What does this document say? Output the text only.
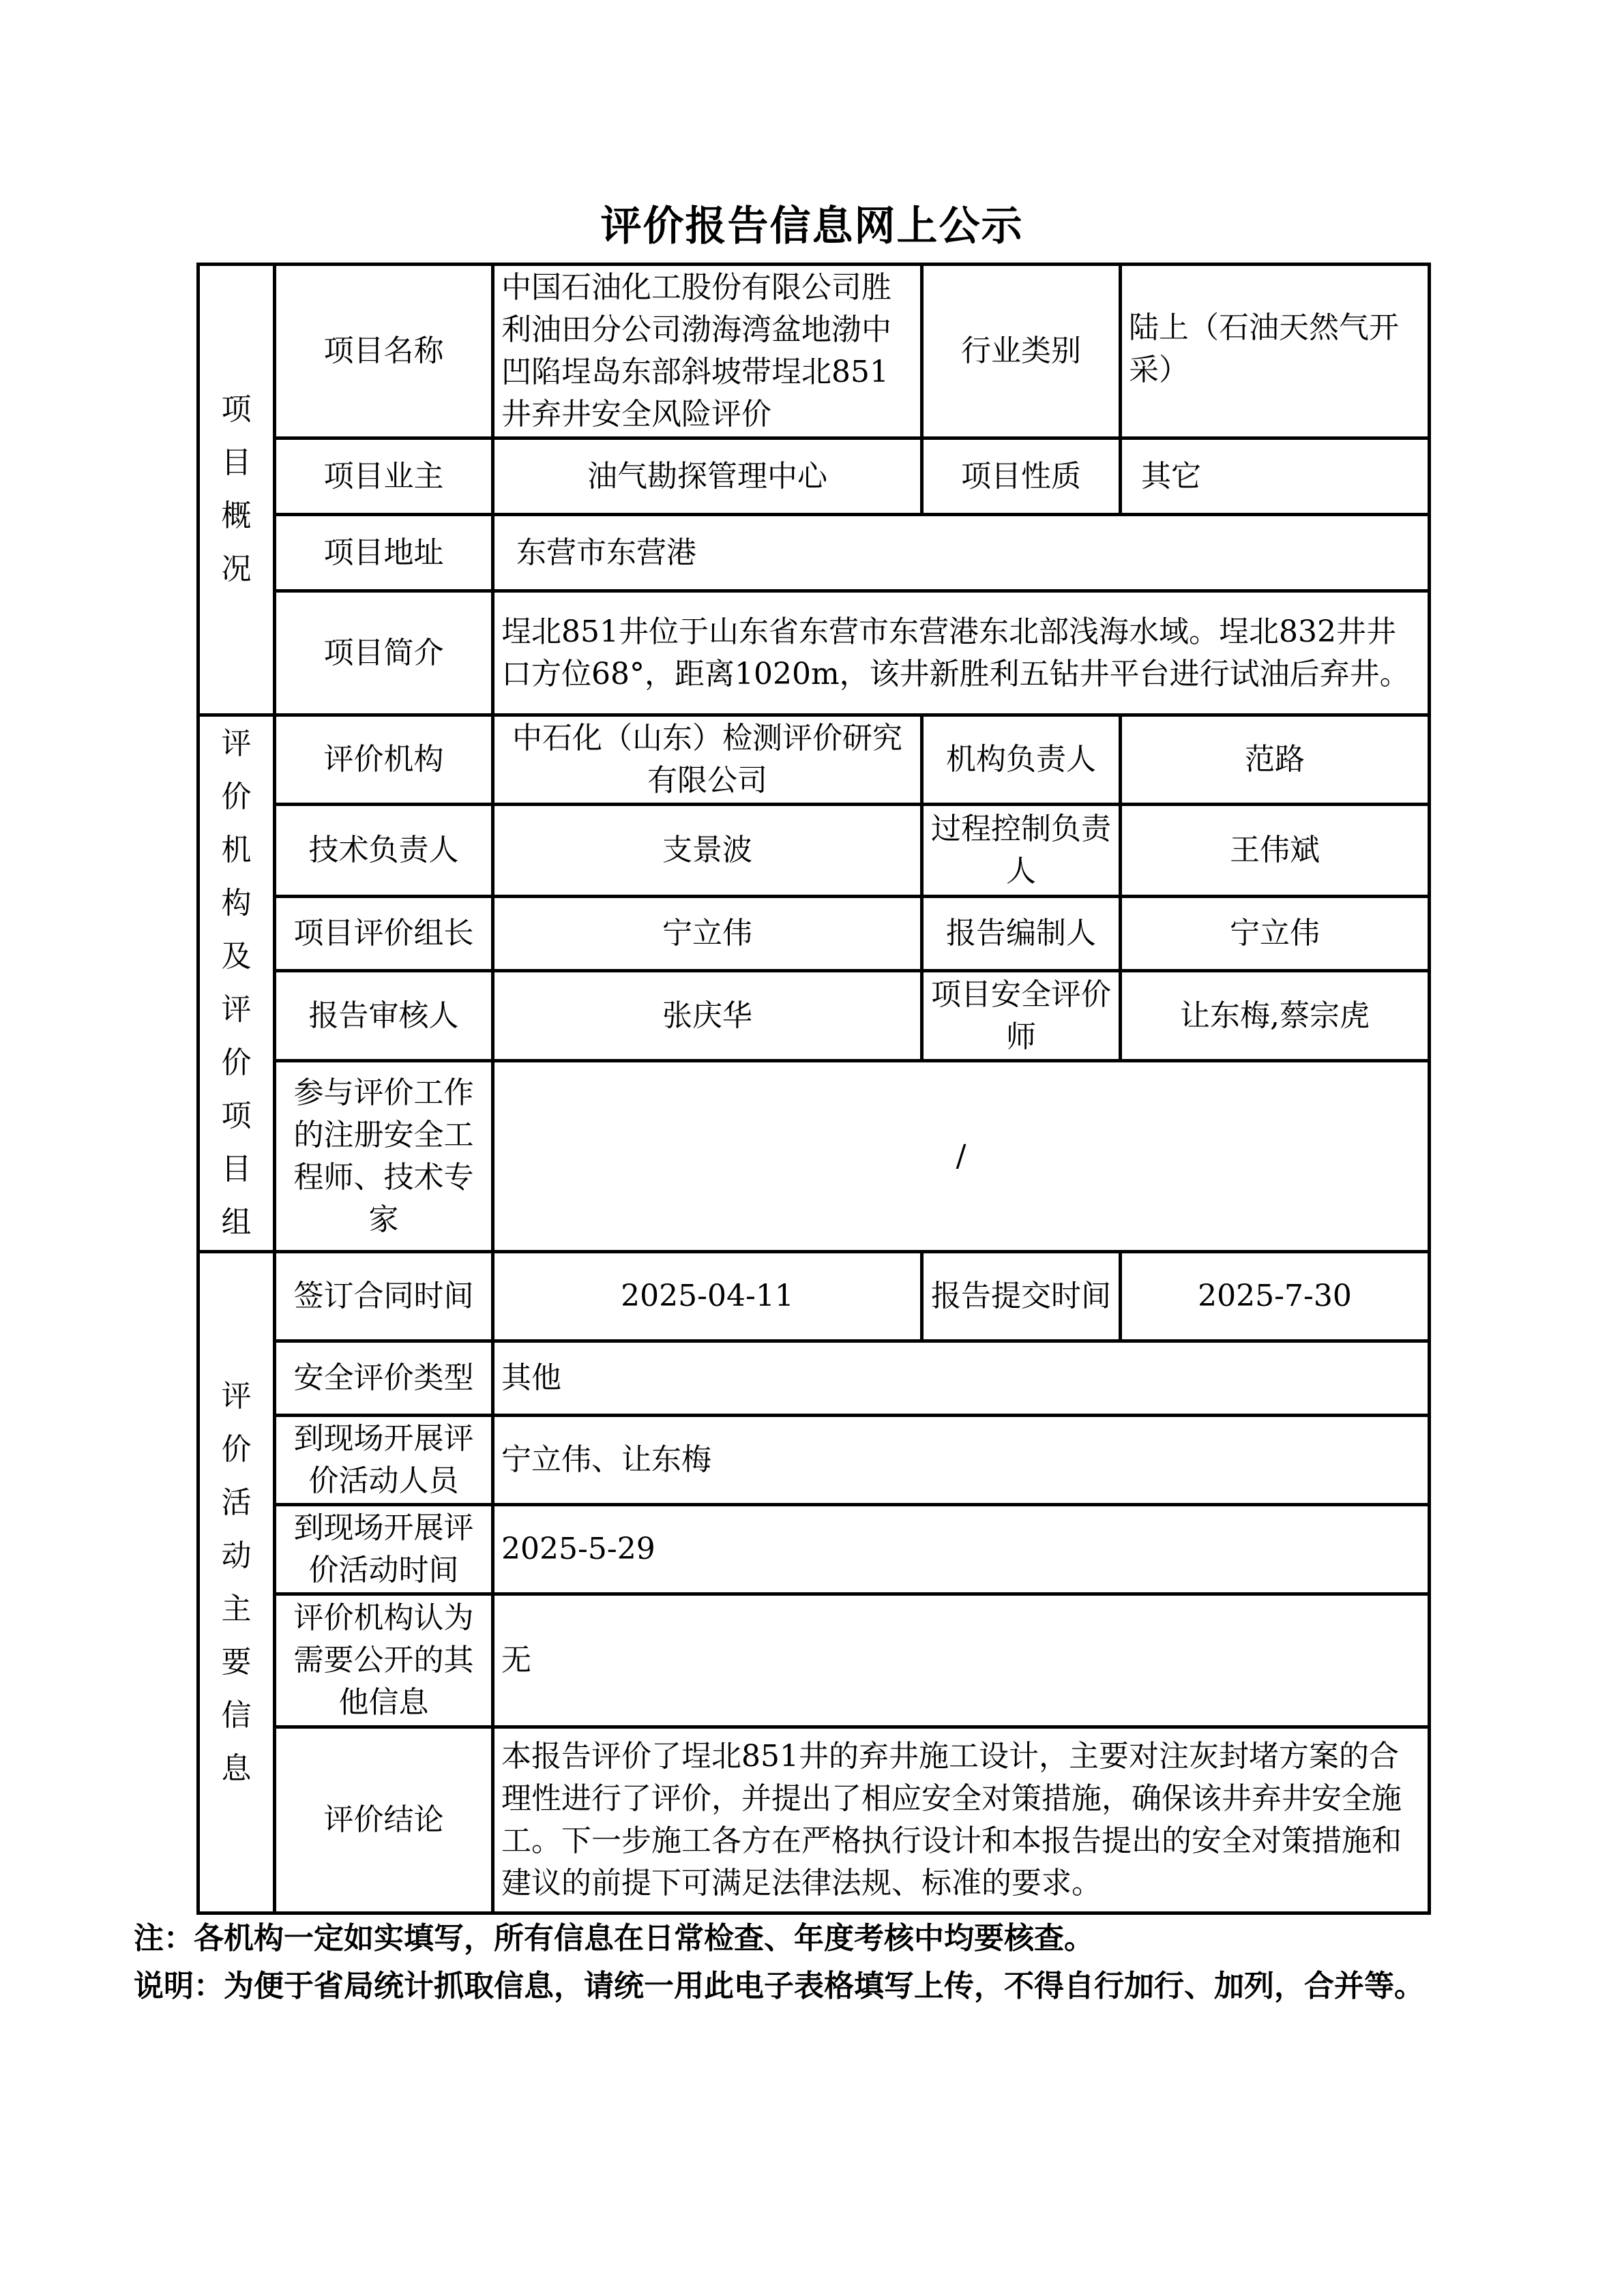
评价报告信息网上公示
项目概况	项目名称	中国石油化工股份有限公司胜利油田分公司渤海湾盆地渤中凹陷埕岛东部斜坡带埕北851井弃井安全风险评价	行业类别	陆上（石油天然气开采）
	项目业主	油气勘探管理中心	项目性质	其它
	项目地址	东营市东营港		
	项目简介	埕北851井位于山东省东营市东营港东北部浅海水域。埕北832井井口方位68°，距离1020m，该井新胜利五钻井平台进行试油后弃井。		
评价机构及评价项目组	评价机构	中石化（山东）检测评价研究有限公司	机构负责人	范路
	技术负责人	支景波	过程控制负责人	王伟斌
	项目评价组长	宁立伟	报告编制人	宁立伟
	报告审核人	张庆华	项目安全评价师	让东梅,蔡宗虎
	参与评价工作的注册安全工程师、技术专家	/		
评价活动主要信息	签订合同时间	2025-04-11	报告提交时间	2025-7-30
	安全评价类型	其他		
	到现场开展评价活动人员	宁立伟、让东梅		
	到现场开展评价活动时间	2025-5-29		
	评价机构认为需要公开的其他信息	无		
	评价结论	本报告评价了埕北851井的弃井施工设计，主要对注灰封堵方案的合理性进行了评价，并提出了相应安全对策措施，确保该井弃井安全施工。下一步施工各方在严格执行设计和本报告提出的安全对策措施和建议的前提下可满足法律法规、标准的要求。		
注：各机构一定如实填写，所有信息在日常检查、年度考核中均要核查。
说明：为便于省局统计抓取信息，请统一用此电子表格填写上传，不得自行加行、加列，合并等。
